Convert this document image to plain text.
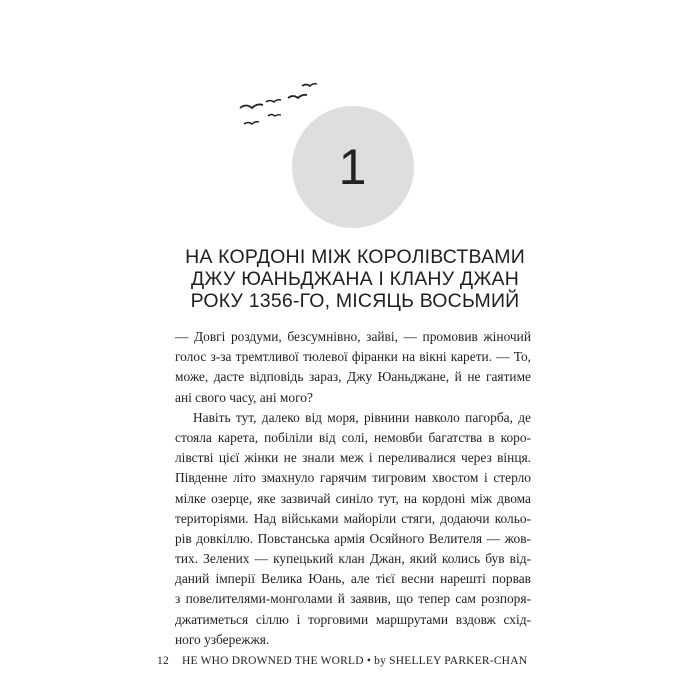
1
НА КОРДОНІ МІЖ КОРОЛІВСТВАМИ
ДЖУ ЮАНЬДЖАНА І КЛАНУ ДЖАН
РОКУ 1356-ГО, МІСЯЦЬ ВОСЬМИЙ
— Довгі роздуми, безсумнівно, зайві, — промовив жіночий
голос з-за тремтливої тюлевої фіранки на вікні карети. — То,
може, дасте відповідь зараз, Джу Юаньджане, й не гаятиме
ані свого часу, ані мого?
Навіть тут, далеко від моря, рівнини навколо пагорба, де
стояла карета, побіліли від солі, немовби багатства в коро-
лівстві цієї жінки не знали меж і переливалися через вінця.
Південне літо змахнуло гарячим тигровим хвостом і стерло
мілке озерце, яке зазвичай синіло тут, на кордоні між двома
територіями. Над військами майоріли стяги, додаючи кольо-
рів довкіллю. Повстанська армія Осяйного Велителя — жов-
тих. Зелених — купецький клан Джан, який колись був від-
даний імперії Велика Юань, але тієї весни нарешті порвав
з повелителями-монголами й заявив, що тепер сам розпоря-
джатиметься сіллю і торговими маршрутами вздовж схід-
ного узбережжя.
12 HE WHO DROWNED THE WORLD • by SHELLEY PARKER-CHAN
